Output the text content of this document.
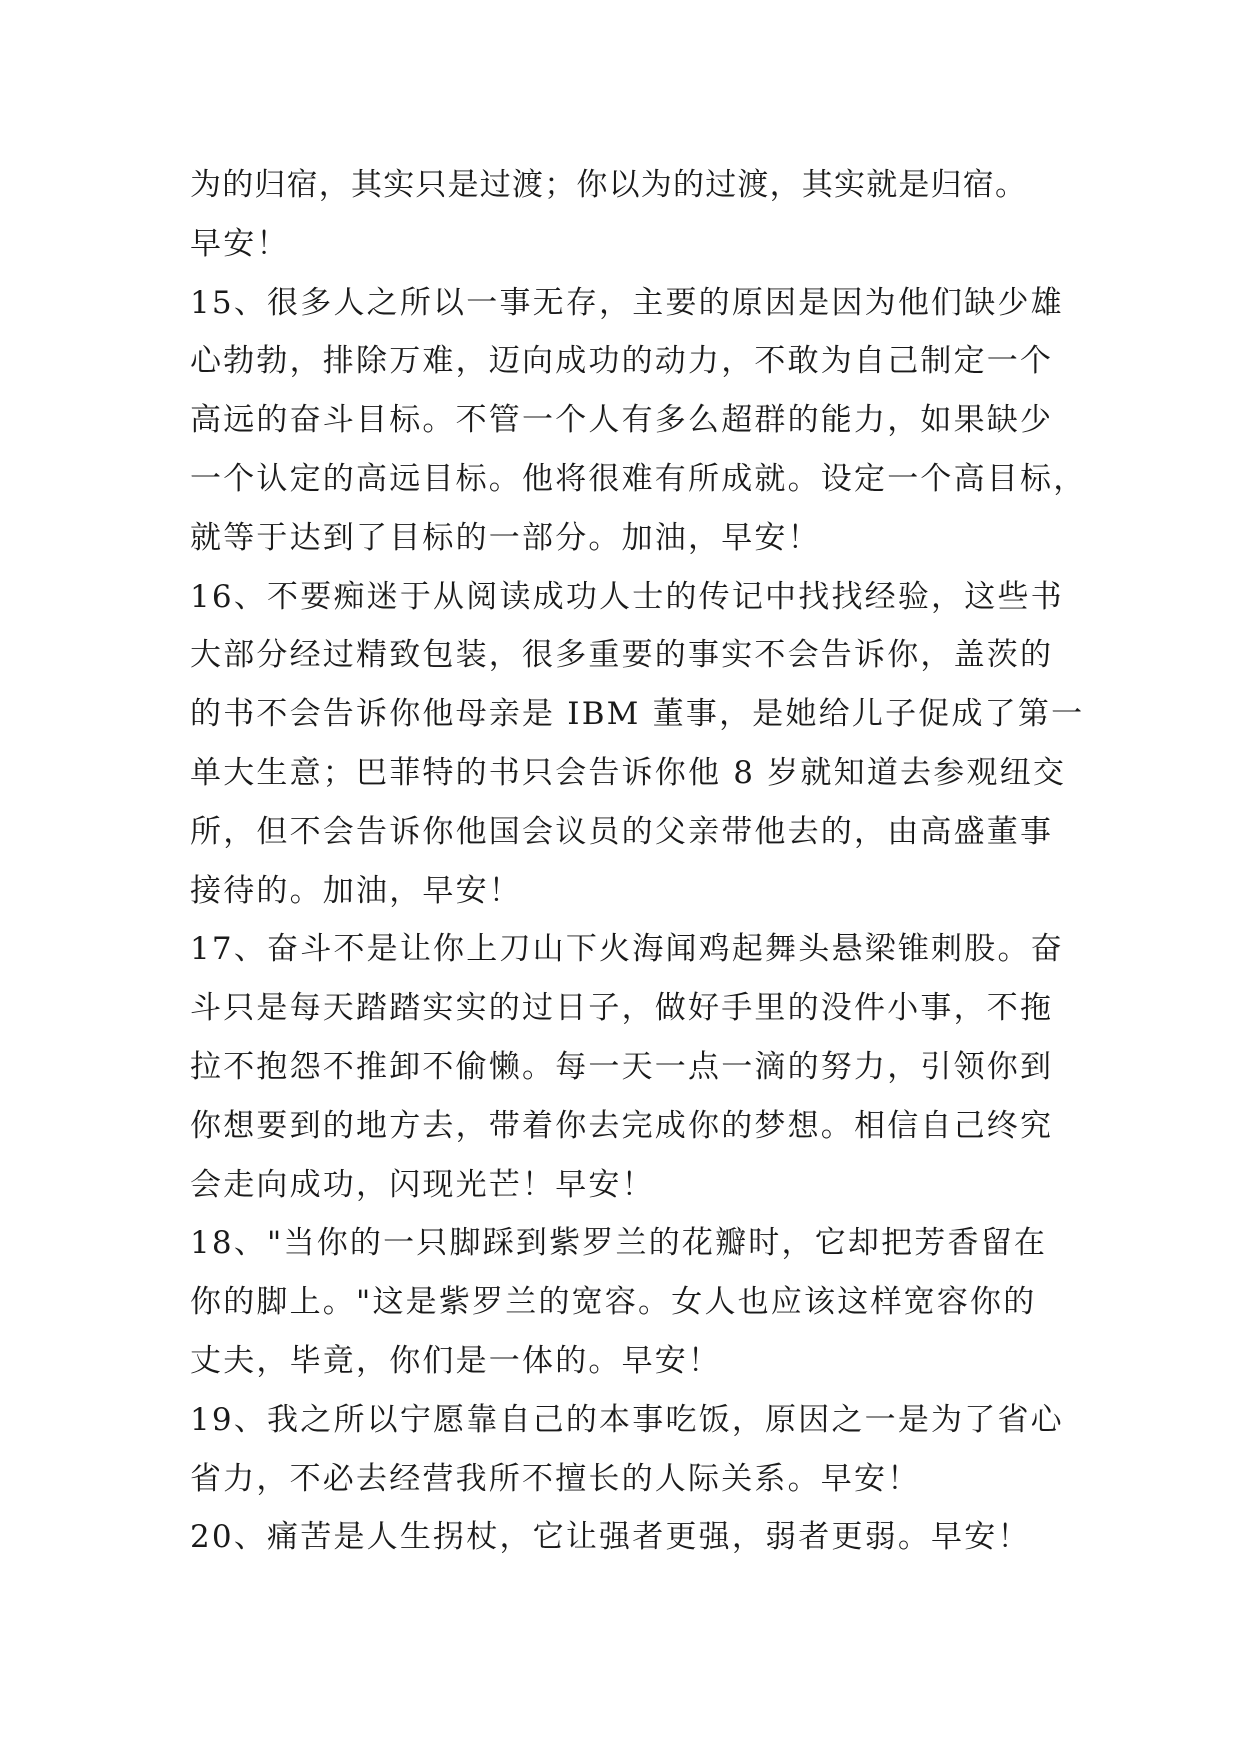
为的归宿，其实只是过渡；你以为的过渡，其实就是归宿。
早安！
15、很多人之所以一事无存，主要的原因是因为他们缺少雄
心勃勃，排除万难，迈向成功的动力，不敢为自己制定一个
高远的奋斗目标。不管一个人有多么超群的能力，如果缺少
一个认定的高远目标。他将很难有所成就。设定一个高目标，
就等于达到了目标的一部分。加油，早安！
16、不要痴迷于从阅读成功人士的传记中找找经验，这些书
大部分经过精致包装，很多重要的事实不会告诉你，盖茨的
的书不会告诉你他母亲是 IBM 董事，是她给儿子促成了第一
单大生意；巴菲特的书只会告诉你他 8 岁就知道去参观纽交
所，但不会告诉你他国会议员的父亲带他去的，由高盛董事
接待的。加油，早安！
17、奋斗不是让你上刀山下火海闻鸡起舞头悬梁锥刺股。奋
斗只是每天踏踏实实的过日子，做好手里的没件小事，不拖
拉不抱怨不推卸不偷懒。每一天一点一滴的努力，引领你到
你想要到的地方去，带着你去完成你的梦想。相信自己终究
会走向成功，闪现光芒！早安！
18、"当你的一只脚踩到紫罗兰的花瓣时，它却把芳香留在
你的脚上。"这是紫罗兰的宽容。女人也应该这样宽容你的
丈夫，毕竟，你们是一体的。早安！
19、我之所以宁愿靠自己的本事吃饭，原因之一是为了省心
省力，不必去经营我所不擅长的人际关系。早安！
20、痛苦是人生拐杖，它让强者更强，弱者更弱。早安！
